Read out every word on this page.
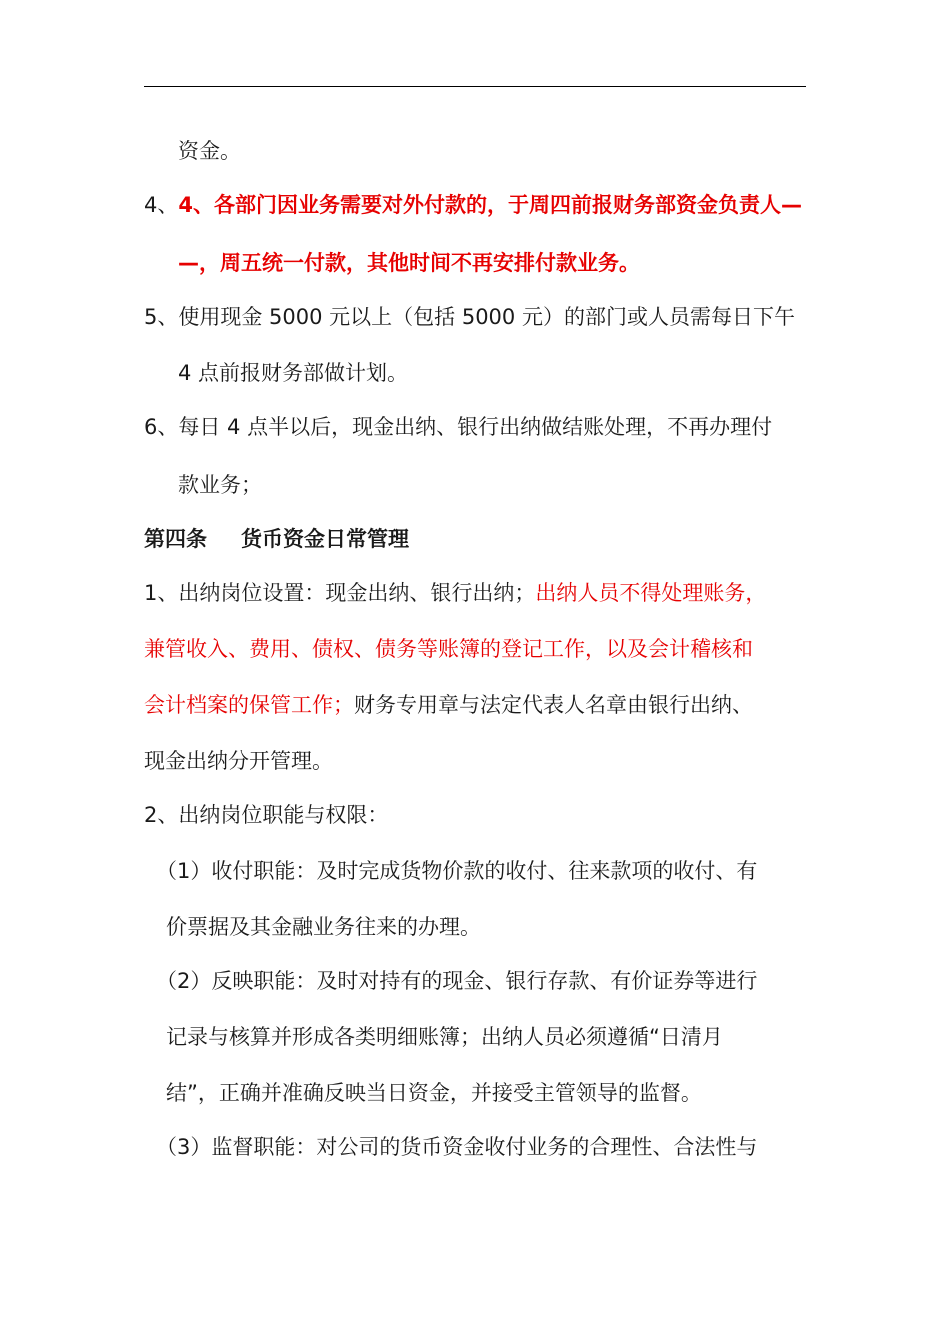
资金。
4、4、各部门因业务需要对外付款的，于周四前报财务部资金负责人—
—，周五统一付款，其他时间不再安排付款业务。
5、使用现金 5000 元以上（包括 5000 元）的部门或人员需每日下午
4 点前报财务部做计划。
6、每日 4 点半以后，现金出纳、银行出纳做结账处理，不再办理付
款业务；
第四条 货币资金日常管理
1、出纳岗位设置：现金出纳、银行出纳；出纳人员不得处理账务，
兼管收入、费用、债权、债务等账簿的登记工作，以及会计稽核和
会计档案的保管工作；财务专用章与法定代表人名章由银行出纳、
现金出纳分开管理。
2、出纳岗位职能与权限：
（1）收付职能：及时完成货物价款的收付、往来款项的收付、有
价票据及其金融业务往来的办理。
（2）反映职能：及时对持有的现金、银行存款、有价证券等进行
记录与核算并形成各类明细账簿；出纳人员必须遵循“日清月
结”，正确并准确反映当日资金，并接受主管领导的监督。
（3）监督职能：对公司的货币资金收付业务的合理性、合法性与
